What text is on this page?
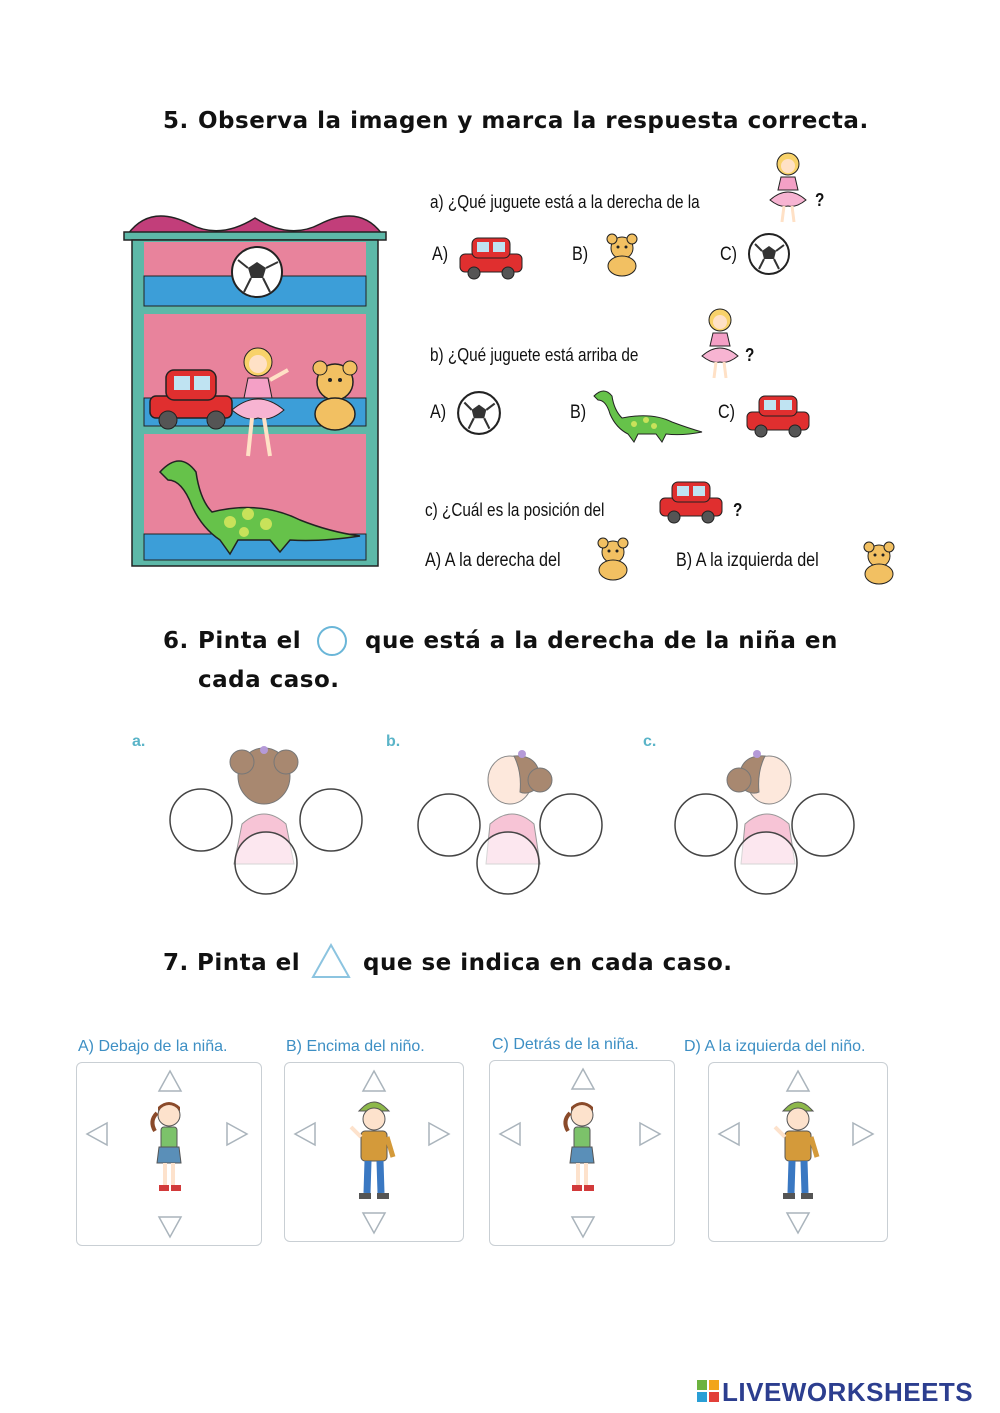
5. Observa la imagen y marca la respuesta correcta.
a) ¿Qué juguete está a la derecha de la	?
A)	B)	C)
b) ¿Qué juguete está arriba de	?
A)	B)	C)
c) ¿Cuál es la posición del	?
A) A la derecha del	B) A la izquierda del
6. Pinta el	que está a la derecha de la niña en
cada caso.
a.	b.	c.
7. Pinta el	que se indica en cada caso.
A) Debajo de la niña.	B) Encima del niño.	C) Detrás de la niña.	D) A la izquierda del niño.
LIVEWORKSHEETS
